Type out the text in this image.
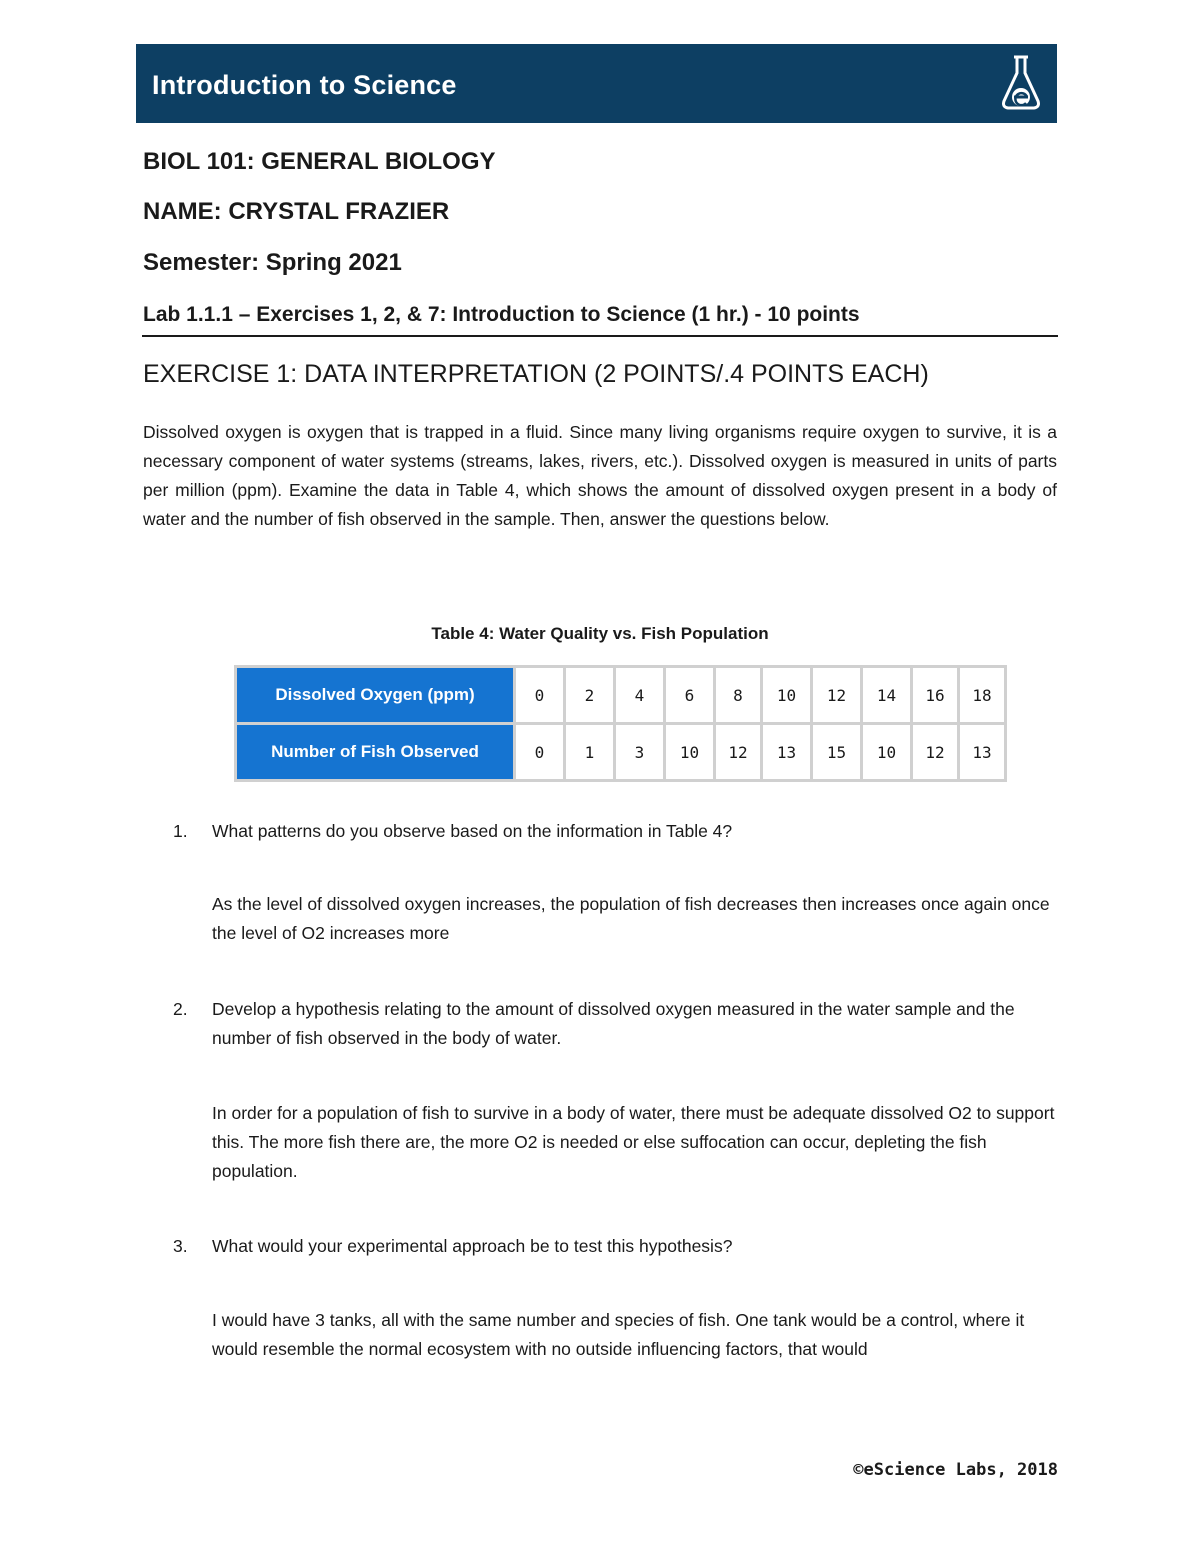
Introduction to Science
BIOL 101: GENERAL BIOLOGY
NAME: CRYSTAL FRAZIER
Semester: Spring 2021
Lab 1.1.1 – Exercises 1, 2, & 7: Introduction to Science (1 hr.) - 10 points
EXERCISE 1: DATA INTERPRETATION (2 POINTS/.4 POINTS EACH)
Dissolved oxygen is oxygen that is trapped in a fluid. Since many living organisms require oxygen to survive, it is a necessary component of water systems (streams, lakes, rivers, etc.). Dissolved oxygen is measured in units of parts per million (ppm). Examine the data in Table 4, which shows the amount of dissolved oxygen present in a body of water and the number of fish observed in the sample. Then, answer the questions below.
Table 4: Water Quality vs. Fish Population
Dissolved Oxygen (ppm)	0	2	4	6	8	10	12	14	16	18
Number of Fish Observed	0	1	3	10	12	13	15	10	12	13
1. What patterns do you observe based on the information in Table 4?
As the level of dissolved oxygen increases, the population of fish decreases then increases once again once the level of O2 increases more
2. Develop a hypothesis relating to the amount of dissolved oxygen measured in the water sample and the number of fish observed in the body of water.
In order for a population of fish to survive in a body of water, there must be adequate dissolved O2 to support this. The more fish there are, the more O2 is needed or else suffocation can occur, depleting the fish population.
3. What would your experimental approach be to test this hypothesis?
I would have 3 tanks, all with the same number and species of fish. One tank would be a control, where it would resemble the normal ecosystem with no outside influencing factors, that would
©eScience Labs, 2018
